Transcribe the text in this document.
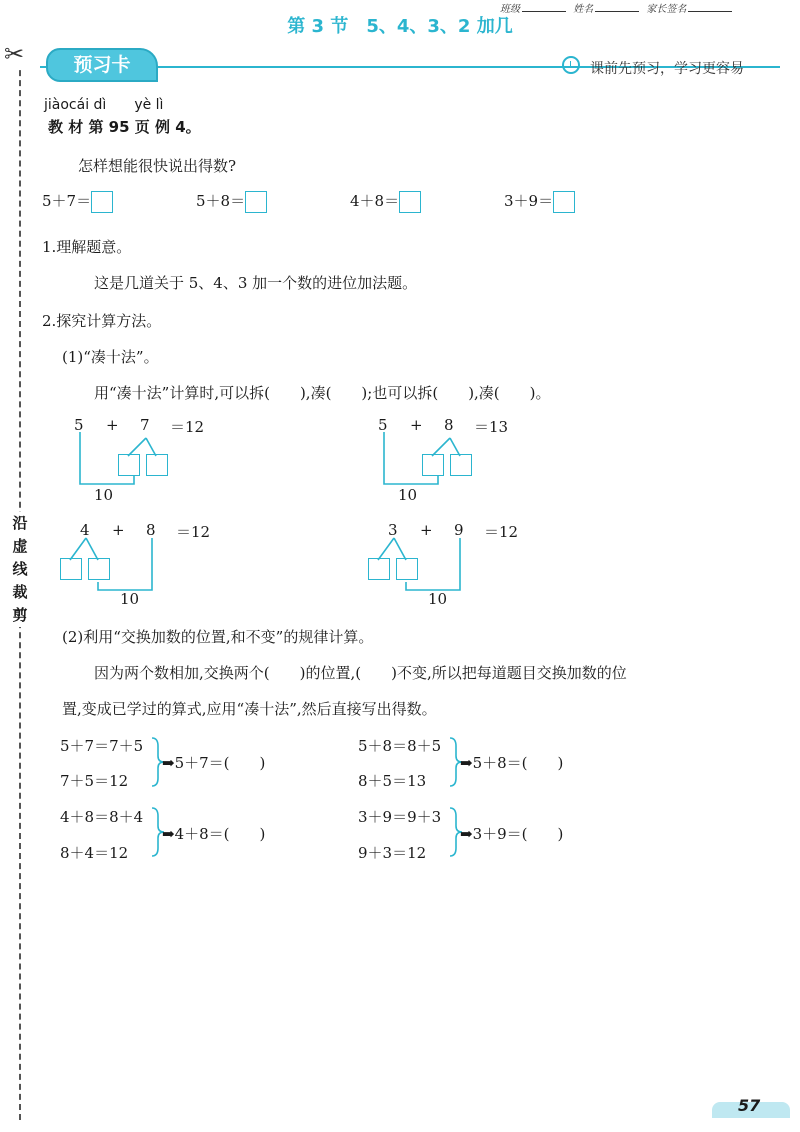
班级	姓名	家长签名
第 3 节　5、4、3、2 加几
预习卡	课前先预习，学习更容易
✂
沿
虚
线
裁
剪
jiàocái dì　　yè lì
教 材 第 95 页 例 4。
怎样想能很快说出得数?
5＋7＝	5＋8＝	4＋8＝	3＋9＝
1.理解题意。
这是几道关于 5、4、3 加一个数的进位加法题。
2.探究计算方法。
(1)“凑十法”。
用“凑十法”计算时,可以拆(　　),凑(　　);也可以拆(　　),凑(　　)。
5 + 7 ＝12
10
5 + 8 ＝13
10
4 + 8 ＝12
10
3 + 9 ＝12
10
(2)利用“交换加数的位置,和不变”的规律计算。
因为两个数相加,交换两个(　　)的位置,(　　)不变,所以把每道题目交换加数的位
置,变成已学过的算式,应用“凑十法”,然后直接写出得数。
5＋7＝7＋5
7＋5＝12
➡5＋7＝(　　)
5＋8＝8＋5
8＋5＝13
➡5＋8＝(　　)
4＋8＝8＋4
8＋4＝12
➡4＋8＝(　　)
3＋9＝9＋3
9＋3＝12
➡3＋9＝(　　)
57
